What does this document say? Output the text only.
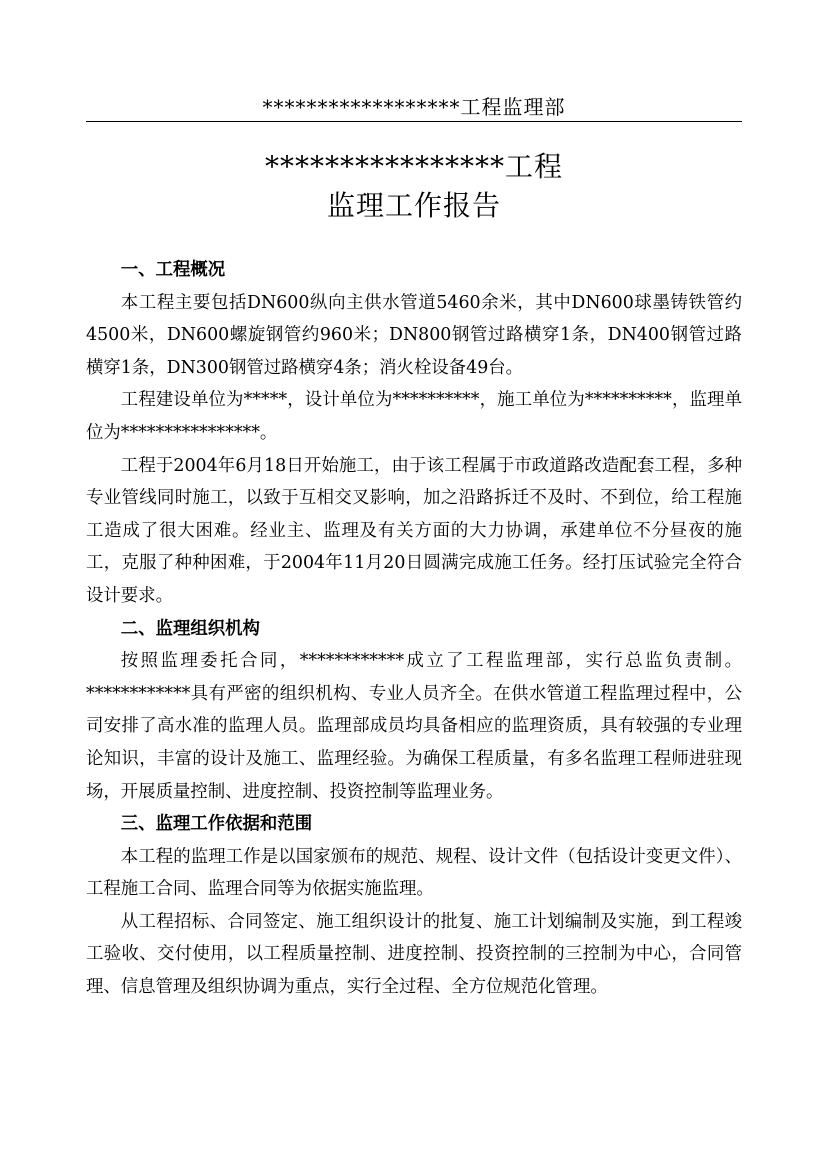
******************工程监理部
****************工程
监理工作报告
一、工程概况

本工程主要包括DN600纵向主供水管道5460余米，其中DN600球墨铸铁管约4500米，DN600螺旋钢管约960米；DN800钢管过路横穿1条，DN400钢管过路横穿1条，DN300钢管过路横穿4条；消火栓设备49台。

工程建设单位为*****，设计单位为**********，施工单位为**********，监理单位为****************。

工程于2004年6月18日开始施工，由于该工程属于市政道路改造配套工程，多种专业管线同时施工，以致于互相交叉影响，加之沿路拆迁不及时、不到位，给工程施工造成了很大困难。经业主、监理及有关方面的大力协调，承建单位不分昼夜的施工，克服了种种困难，于2004年11月20日圆满完成施工任务。经打压试验完全符合设计要求。

二、监理组织机构

按照监理委托合同，************成立了工程监理部，实行总监负责制。************具有严密的组织机构、专业人员齐全。在供水管道工程监理过程中，公司安排了高水准的监理人员。监理部成员均具备相应的监理资质，具有较强的专业理论知识，丰富的设计及施工、监理经验。为确保工程质量，有多名监理工程师进驻现场，开展质量控制、进度控制、投资控制等监理业务。

三、监理工作依据和范围

本工程的监理工作是以国家颁布的规范、规程、设计文件（包括设计变更文件）、工程施工合同、监理合同等为依据实施监理。

从工程招标、合同签定、施工组织设计的批复、施工计划编制及实施，到工程竣工验收、交付使用，以工程质量控制、进度控制、投资控制的三控制为中心，合同管理、信息管理及组织协调为重点，实行全过程、全方位规范化管理。
